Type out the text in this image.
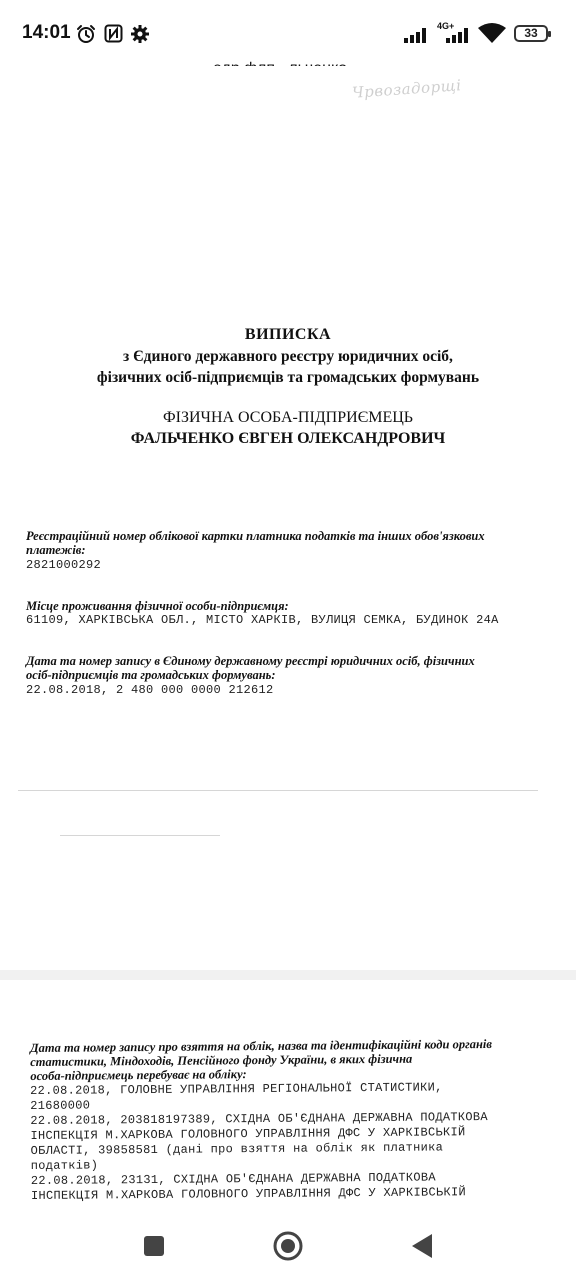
14:01	4G+	33
Чрвозадорщі
ВИПИСКА
з Єдиного державного реєстру юридичних осіб,
фізичних осіб-підприємців та громадських формувань
ФІЗИЧНА ОСОБА-ПІДПРИЄМЕЦЬ
ФАЛЬЧЕНКО ЄВГЕН ОЛЕКСАНДРОВИЧ
Реєстраційний номер облікової картки платника податків та інших обов'язкових
платежів:
2821000292
Місце проживання фізичної особи-підприємця:
61109, ХАРКІВСЬКА ОБЛ., МІСТО ХАРКІВ, ВУЛИЦЯ СЕМКА, БУДИНОК 24А
Дата та номер запису в Єдиному державному реєстрі юридичних осіб, фізичних
осіб-підприємців та громадських формувань:
22.08.2018, 2 480 000 0000 212612
Дата та номер запису про взяття на облік, назва та ідентифікаційні коди органів
статистики, Міндоходів, Пенсійного фонду України, в яких фізична
особа-підприємець перебуває на обліку:
22.08.2018, ГОЛОВНЕ УПРАВЛІННЯ РЕГІОНАЛЬНОЇ СТАТИСТИКИ,
21680000
22.08.2018, 203818197389, СХІДНА ОБ'ЄДНАНА ДЕРЖАВНА ПОДАТКОВА
ІНСПЕКЦІЯ М.ХАРКОВА ГОЛОВНОГО УПРАВЛІННЯ ДФС У ХАРКІВСЬКІЙ
ОБЛАСТІ, 39858581 (дані про взяття на облік як платника
податків)
22.08.2018, 23131, СХІДНА ОБ'ЄДНАНА ДЕРЖАВНА ПОДАТКОВА
ІНСПЕКЦІЯ М.ХАРКОВА ГОЛОВНОГО УПРАВЛІННЯ ДФС У ХАРКІВСЬКІЙ
